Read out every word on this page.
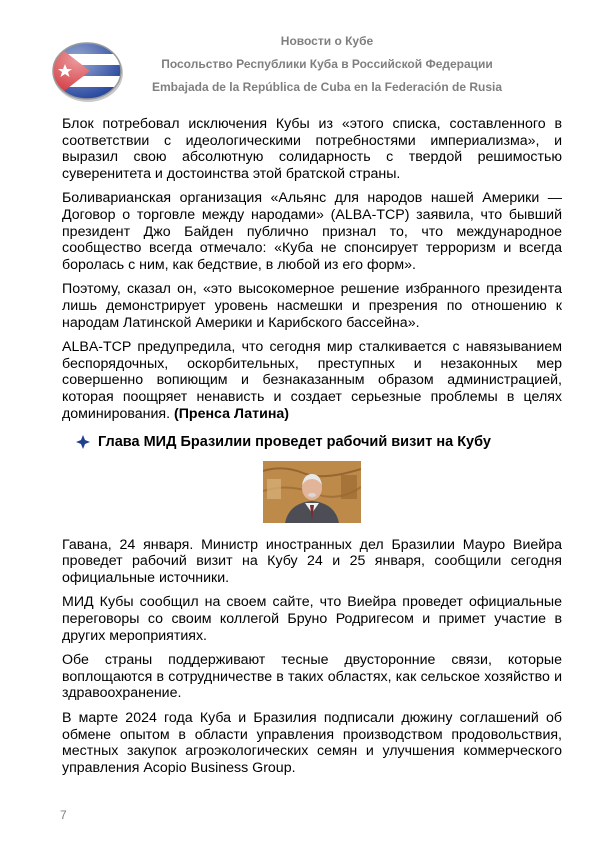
Новости о Кубе
Посольство Республики Куба в Российской Федерации
Embajada de la República de Cuba en la Federación de Rusia

Блок потребовал исключения Кубы из «этого списка, составленного в соответствии с идеологическими потребностями империализма», и выразил свою абсолютную солидарность с твердой решимостью суверенитета и достоинства этой братской страны.

Боливарианская организация «Альянс для народов нашей Америки — Договор о торговле между народами» (ALBA-TCP) заявила, что бывший президент Джо Байден публично признал то, что международное сообщество всегда отмечало: «Куба не спонсирует терроризм и всегда боролась с ним, как бедствие, в любой из его форм».

Поэтому, сказал он, «это высокомерное решение избранного президента лишь демонстрирует уровень насмешки и презрения по отношению к народам Латинской Америки и Карибского бассейна».

ALBA-TCP предупредила, что сегодня мир сталкивается с навязыванием беспорядочных, оскорбительных, преступных и незаконных мер совершенно вопиющим и безнаказанным образом администрацией, которая поощряет ненависть и создает серьезные проблемы в целях доминирования. (Пренса Латина)

Глава МИД Бразилии проведет рабочий визит на Кубу

Гавана, 24 января. Министр иностранных дел Бразилии Мауро Виейра проведет рабочий визит на Кубу 24 и 25 января, сообщили сегодня официальные источники.

МИД Кубы сообщил на своем сайте, что Виейра проведет официальные переговоры со своим коллегой Бруно Родригесом и примет участие в других мероприятиях.

Обе страны поддерживают тесные двусторонние связи, которые воплощаются в сотрудничестве в таких областях, как сельское хозяйство и здравоохранение.

В марте 2024 года Куба и Бразилия подписали дюжину соглашений об обмене опытом в области управления производством продовольствия, местных закупок агроэкологических семян и улучшения коммерческого управления Acopio Business Group.

7
